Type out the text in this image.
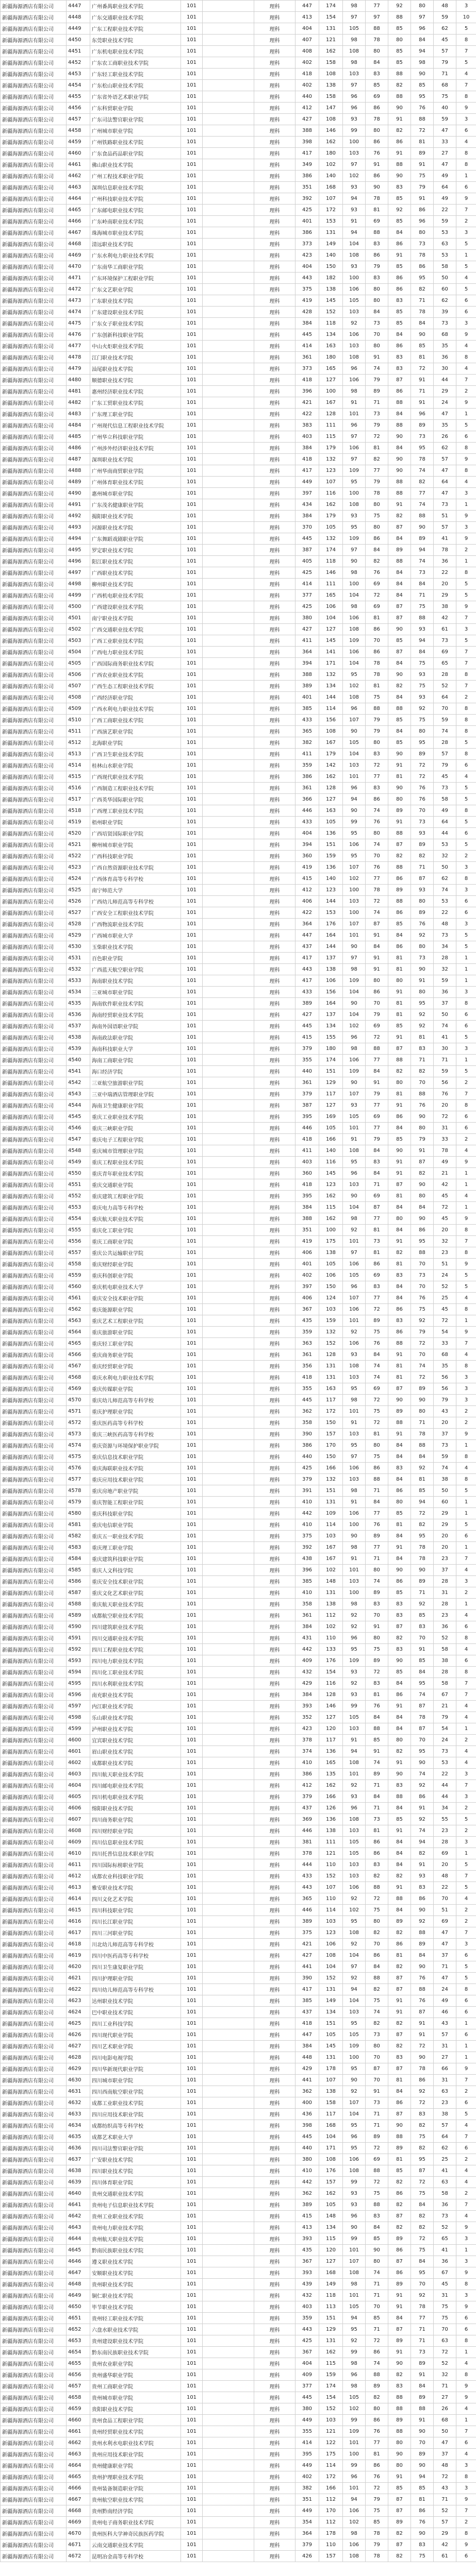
新疆海源酒店有限公司	4447	广州番禺职业技术学院	101		理科	447	174	98	77	92	80	48	3
新疆海源酒店有限公司	4448	广东交通职业技术学院	101		理科	413	154	97	97	88	97	59	10
新疆海源酒店有限公司	4449	广东工程职业技术学院	101		理科	404	131	105	88	85	96	62	5
新疆海源酒店有限公司	4450	东莞职业技术学院	101		理科	407	121	98	78	80	84	45	8
新疆海源酒店有限公司	4451	广东机电职业技术学院	101		理科	408	162	108	80	85	94	57	7
新疆海源酒店有限公司	4452	广东农工商职业技术学院	101		理科	402	158	98	84	85	98	79	5
新疆海源酒店有限公司	4453	广东轻工职业技术学院	101		理科	418	108	103	83	88	90	71	4
新疆海源酒店有限公司	4454	广东松山职业技术学院	101		理科	402	138	97	85	82	85	68	7
新疆海源酒店有限公司	4455	广东省外语艺术职业学院	101		理科	440	158	96	69	88	95	75	8
新疆海源酒店有限公司	4456	广东科贸职业学院	101		理科	412	147	96	86	90	76	40	9
新疆海源酒店有限公司	4457	广东司法警官职业学院	101		理科	427	108	93	78	91	88	59	3
新疆海源酒店有限公司	4458	广州城市职业学院	101		理科	388	146	99	80	82	72	47	6
新疆海源酒店有限公司	4459	广州铁路职业技术学院	101		理科	398	162	100	86	86	81	33	4
新疆海源酒店有限公司	4460	广东食品药品职业学院	101		理科	417	180	103	76	91	89	27	8
新疆海源酒店有限公司	4461	佛山职业技术学院	101		理科	349	102	97	91	88	91	47	8
新疆海源酒店有限公司	4462	广州工程技术职业学院	101		理科	386	140	102	86	90	75	49	1
新疆海源酒店有限公司	4463	深圳信息职业技术学院	101		理科	351	168	93	90	83	79	64	6
新疆海源酒店有限公司	4464	广州科技职业技术学院	101		理科	392	107	94	78	85	91	49	9
新疆海源酒店有限公司	4465	广东邮电职业技术学院	101		理科	425	172	93	81	92	86	22	7
新疆海源酒店有限公司	4466	广东岭南职业技术学院	101		理科	401	153	91	69	85	96	59	2
新疆海源酒店有限公司	4467	珠海城市职业技术学院	101		理科	386	131	94	88	84	80	53	3
新疆海源酒店有限公司	4468	清远职业技术学院	101		理科	373	149	104	83	86	73	63	5
新疆海源酒店有限公司	4469	广东水利电力职业技术学院	101		理科	423	140	108	86	91	78	53	1
新疆海源酒店有限公司	4470	广东南华工商职业学院	101		理科	404	150	93	79	85	86	58	5
新疆海源酒店有限公司	4471	广东环境保护工程职业学院	101		理科	443	182	100	83	86	95	50	4
新疆海源酒店有限公司	4472	广东文艺职业学院	101		理科	375	138	106	80	86	82	60	5
新疆海源酒店有限公司	4473	广东职业技术学院	101		理科	419	145	105	80	83	71	62	6
新疆海源酒店有限公司	4474	广东建设职业技术学院	101		理科	428	152	103	84	85	78	39	6
新疆海源酒店有限公司	4475	广东女子职业技术学院	101		理科	384	118	92	73	85	84	73	3
新疆海源酒店有限公司	4476	广东创新科技职业学院	101		理科	445	134	106	70	84	90	68	9
新疆海源酒店有限公司	4477	中山火炬职业技术学院	101		理科	414	163	103	80	86	85	35	4
新疆海源酒店有限公司	4478	江门职业技术学院	101		理科	361	180	108	91	83	81	36	8
新疆海源酒店有限公司	4479	汕尾职业技术学院	101		理科	373	165	96	74	83	72	30	4
新疆海源酒店有限公司	4480	顺德职业技术学院	101		理科	418	127	106	79	87	91	44	7
新疆海源酒店有限公司	4481	惠州经济职业技术学院	101		理科	396	100	98	89	86	71	29	2
新疆海源酒店有限公司	4482	广东工贸职业技术学院	101		理科	421	167	91	71	88	91	24	9
新疆海源酒店有限公司	4483	广东理工职业学院	101		理科	422	128	101	73	84	96	47	1
新疆海源酒店有限公司	4484	广州现代信息工程职业技术学院	101		理科	383	111	96	79	88	89	35	5
新疆海源酒店有限公司	4485	广州华立科技职业学院	101		理科	403	115	97	72	90	73	26	6
新疆海源酒店有限公司	4486	广州涉外经济职业技术学院	101		理科	384	179	106	81	84	95	62	8
新疆海源酒店有限公司	4487	深圳职业技术学院	101		理科	418	132	97	82	90	78	57	9
新疆海源酒店有限公司	4488	广州华南商贸职业学院	101		理科	417	123	109	77	90	74	47	8
新疆海源酒店有限公司	4489	广州体育职业技术学院	101		理科	449	107	95	79	88	82	64	4
新疆海源酒店有限公司	4490	惠州城市职业学院	101		理科	397	116	100	78	88	77	47	3
新疆海源酒店有限公司	4491	广东茂名健康职业学院	101		理科	434	162	108	80	91	74	73	1
新疆海源酒店有限公司	4492	揭阳职业技术学院	101		理科	384	179	93	75	82	88	51	9
新疆海源酒店有限公司	4493	河源职业技术学院	101		理科	370	105	95	80	87	90	57	3
新疆海源酒店有限公司	4494	广东舞蹈戏剧职业学院	101		理科	445	132	109	86	84	89	41	9
新疆海源酒店有限公司	4495	罗定职业技术学院	101		理科	387	174	97	84	89	94	78	2
新疆海源酒店有限公司	4496	阳江职业技术学院	101		理科	405	118	90	82	88	74	36	1
新疆海源酒店有限公司	4497	广西职业技术学院	101		理科	425	146	98	76	84	73	22	8
新疆海源酒店有限公司	4498	柳州职业技术学院	101		理科	414	111	100	69	84	84	20	5
新疆海源酒店有限公司	4499	广西机电职业技术学院	101		理科	377	165	104	72	84	71	29	5
新疆海源酒店有限公司	4500	广西建设职业技术学院	101		理科	425	106	98	69	87	75	38	9
新疆海源酒店有限公司	4501	南宁职业技术学院	101		理科	380	104	106	81	87	88	42	7
新疆海源酒店有限公司	4502	广西交通职业技术学院	101		理科	427	127	108	86	90	93	61	3
新疆海源酒店有限公司	4503	广西工业职业技术学院	101		理科	411	145	109	70	85	94	73	5
新疆海源酒店有限公司	4504	广西电力职业技术学院	101		理科	364	141	106	86	87	84	69	7
新疆海源酒店有限公司	4505	广西国际商务职业技术学院	101		理科	394	171	104	78	84	75	65	7
新疆海源酒店有限公司	4506	广西农业职业技术学院	101		理科	388	132	95	78	90	93	28	8
新疆海源酒店有限公司	4507	广西生态工程职业技术学院	101		理科	389	134	102	81	82	75	52	7
新疆海源酒店有限公司	4508	广西经济职业学院	101		理科	401	144	108	75	84	93	64	2
新疆海源酒店有限公司	4509	广西水利电力职业技术学院	101		理科	385	114	96	88	88	92	70	8
新疆海源酒店有限公司	4510	广西工商职业技术学院	101		理科	433	156	107	79	85	75	59	8
新疆海源酒店有限公司	4511	广西演艺职业学院	101		理科	365	108	90	79	84	80	74	8
新疆海源酒店有限公司	4512	北海职业学院	101		理科	382	167	105	80	85	95	28	5
新疆海源酒店有限公司	4513	广西卫生职业技术学院	101		理科	411	179	104	83	90	89	57	8
新疆海源酒店有限公司	4514	桂林山水职业学院	101		理科	359	142	103	72	91	72	79	6
新疆海源酒店有限公司	4515	广西现代职业技术学院	101		理科	386	162	101	77	81	72	45	4
新疆海源酒店有限公司	4516	广西制造工程职业技术学院	101		理科	361	128	96	83	90	76	73	5
新疆海源酒店有限公司	4517	广西英华国际职业学院	101		理科	366	127	94	86	80	76	58	5
新疆海源酒店有限公司	4518	广西理工职业技术学院	101		理科	446	163	90	74	89	70	49	8
新疆海源酒店有限公司	4519	梧州职业学院	101		理科	433	105	99	76	91	73	64	5
新疆海源酒店有限公司	4520	广西培贤国际职业学院	101		理科	404	136	95	80	88	93	44	6
新疆海源酒店有限公司	4521	柳州城市职业学院	101		理科	394	151	106	74	87	89	53	5
新疆海源酒店有限公司	4522	广西科技职业学院	101		理科	360	159	95	70	82	82	32	2
新疆海源酒店有限公司	4523	广西自然资源职业技术学院	101		理科	419	136	107	76	88	71	50	3
新疆海源酒店有限公司	4524	广西体育高等专科学校	101		理科	415	140	102	77	86	87	62	8
新疆海源酒店有限公司	4525	南宁师范大学	101		理科	412	123	100	78	89	93	74	3
新疆海源酒店有限公司	4526	广西幼儿师范高等专科学校	101		理科	406	144	103	72	88	80	53	6
新疆海源酒店有限公司	4527	广西安全工程职业技术学院	101		理科	422	153	100	74	86	89	22	6
新疆海源酒店有限公司	4528	广西物流职业技术学院	101		理科	364	176	107	87	85	76	48	3
新疆海源酒店有限公司	4529	广西城市职业大学	101		理科	447	164	101	91	84	92	73	5
新疆海源酒店有限公司	4530	玉柴职业技术学院	101		理科	437	144	90	84	86	80	34	5
新疆海源酒店有限公司	4531	百色职业学院	101		理科	417	137	97	91	81	73	28	1
新疆海源酒店有限公司	4532	广西蓝天航空职业学院	101		理科	443	138	98	91	81	90	32	1
新疆海源酒店有限公司	4533	海南职业技术学院	101		理科	417	106	109	80	80	91	59	1
新疆海源酒店有限公司	4534	三亚城市职业学院	101		理科	433	156	104	86	91	80	36	3
新疆海源酒店有限公司	4535	海南软件职业技术学院	101		理科	389	164	90	70	81	95	37	8
新疆海源酒店有限公司	4536	海南经贸职业技术学院	101		理科	427	137	104	79	81	92	50	6
新疆海源酒店有限公司	4537	海南外国语职业学院	101		理科	445	134	102	69	85	92	74	6
新疆海源酒店有限公司	4538	海南政法职业学院	101		理科	415	155	96	72	91	81	41	5
新疆海源酒店有限公司	4539	海南科技职业大学	101		理科	379	180	98	88	87	83	30	3
新疆海源酒店有限公司	4540	海南工商职业学院	101		理科	355	174	106	77	88	71	71	1
新疆海源酒店有限公司	4541	海口经济学院	101		理科	440	151	109	84	82	82	59	5
新疆海源酒店有限公司	4542	三亚航空旅游职业学院	101		理科	361	129	90	91	80	70	56	2
新疆海源酒店有限公司	4543	三亚中瑞酒店管理职业学院	101		理科	379	117	107	79	81	88	76	7
新疆海源酒店有限公司	4544	海南卫生健康职业学院	101		理科	387	127	93	77	91	76	20	8
新疆海源酒店有限公司	4545	重庆工业职业技术学院	101		理科	395	169	105	69	86	90	72	6
新疆海源酒店有限公司	4546	重庆三峡职业学院	101		理科	446	105	101	77	84	80	31	6
新疆海源酒店有限公司	4547	重庆电子工程职业学院	101		理科	418	166	91	79	85	79	33	2
新疆海源酒店有限公司	4548	重庆城市管理职业学院	101		理科	411	140	108	84	90	91	78	4
新疆海源酒店有限公司	4549	重庆工程职业技术学院	101		理科	403	116	95	83	91	87	49	9
新疆海源酒店有限公司	4550	重庆青年职业技术学院	101		理科	360	145	96	84	91	82	21	1
新疆海源酒店有限公司	4551	重庆交通职业学院	101		理科	418	123	103	71	87	90	42	1
新疆海源酒店有限公司	4552	重庆建筑工程职业学院	101		理科	395	162	90	69	81	80	45	4
新疆海源酒店有限公司	4553	重庆电力高等专科学校	101		理科	384	115	104	87	84	84	72	1
新疆海源酒店有限公司	4554	重庆航天职业技术学院	101		理科	388	162	98	77	80	90	45	9
新疆海源酒店有限公司	4555	重庆化工职业学院	101		理科	351	100	92	81	84	86	20	8
新疆海源酒店有限公司	4556	重庆工商职业学院	101		理科	419	175	101	73	91	95	32	7
新疆海源酒店有限公司	4557	重庆公共运输职业学院	101		理科	406	138	97	81	82	88	23	8
新疆海源酒店有限公司	4558	重庆财经职业学院	101		理科	401	105	106	86	81	70	51	9
新疆海源酒店有限公司	4559	重庆科创职业学院	101		理科	402	106	105	69	83	73	24	5
新疆海源酒店有限公司	4560	重庆机电职业技术大学	101		理科	397	150	96	83	84	70	52	5
新疆海源酒店有限公司	4561	重庆安全技术职业学院	101		理科	406	124	107	77	84	76	25	4
新疆海源酒店有限公司	4562	重庆能源职业学院	101		理科	367	103	106	72	86	75	45	8
新疆海源酒店有限公司	4563	重庆艺术工程职业学院	101		理科	435	159	101	89	83	92	72	1
新疆海源酒店有限公司	4564	重庆旅游职业学院	101		理科	359	132	92	75	86	79	54	9
新疆海源酒店有限公司	4565	重庆轻工职业学院	101		理科	363	152	106	76	88	72	33	7
新疆海源酒店有限公司	4566	重庆商务职业学院	101		理科	361	128	93	84	91	70	68	4
新疆海源酒店有限公司	4567	重庆经贸职业学院	101		理科	356	131	108	74	81	74	35	8
新疆海源酒店有限公司	4568	重庆水利电力职业技术学院	101		理科	418	131	103	74	81	72	56	3
新疆海源酒店有限公司	4569	重庆传媒职业学院	101		理科	355	163	95	69	87	89	56	3
新疆海源酒店有限公司	4570	重庆幼儿师范高等专科学校	101		理科	445	117	98	72	90	90	79	3
新疆海源酒店有限公司	4571	重庆护理职业学院	101		理科	362	172	101	75	89	80	43	2
新疆海源酒店有限公司	4572	重庆医药高等专科学校	101		理科	358	150	91	72	88	71	20	2
新疆海源酒店有限公司	4573	重庆三峡医药高等专科学校	101		理科	390	157	103	81	91	78	37	9
新疆海源酒店有限公司	4574	重庆资源与环境保护职业学院	101		理科	386	170	95	80	84	88	73	1
新疆海源酒店有限公司	4575	重庆信息技术职业学院	101		理科	440	150	97	75	84	84	59	8
新疆海源酒店有限公司	4576	重庆海联职业技术学院	101		理科	425	166	106	86	83	92	74	4
新疆海源酒店有限公司	4577	重庆应用技术职业学院	101		理科	379	132	103	88	84	81	38	8
新疆海源酒店有限公司	4578	重庆房地产职业学院	101		理科	391	151	98	71	86	85	50	5
新疆海源酒店有限公司	4579	重庆智能工程职业学院	101		理科	410	131	91	84	80	94	60	1
新疆海源酒店有限公司	4580	重庆科技职业学院	101		理科	442	109	106	77	85	72	29	1
新疆海源酒店有限公司	4581	重庆电信职业学院	101		理科	410	114	100	76	81	82	29	5
新疆海源酒店有限公司	4582	重庆五一职业技术学院	101		理科	375	103	90	89	84	95	20	6
新疆海源酒店有限公司	4583	重庆理工职业学院	101		理科	392	167	98	77	91	78	20	1
新疆海源酒店有限公司	4584	重庆建筑科技职业学院	101		理科	438	167	91	71	84	78	23	7
新疆海源酒店有限公司	4585	重庆人文科技学院	101		理科	396	102	101	80	90	90	37	4
新疆海源酒店有限公司	4586	重庆安全技术职业学院	101		理科	385	148	103	74	86	89	28	3
新疆海源酒店有限公司	4587	重庆文化艺术职业学院	101		理科	410	131	100	89	85	71	31	2
新疆海源酒店有限公司	4588	重庆航天职业技术学院	101		理科	358	138	98	83	83	92	28	1
新疆海源酒店有限公司	4589	成都航空职业技术学院	101		理科	361	112	92	70	83	85	23	4
新疆海源酒店有限公司	4590	四川建筑职业技术学院	101		理科	384	102	92	91	87	83	36	6
新疆海源酒店有限公司	4591	四川交通职业技术学院	101		理科	431	110	96	80	82	70	52	8
新疆海源酒店有限公司	4592	四川工程职业技术学院	101		理科	442	133	95	75	83	91	58	4
新疆海源酒店有限公司	4593	四川电力职业技术学院	101		理科	409	176	109	89	90	85	38	6
新疆海源酒店有限公司	4594	四川化工职业技术学院	101		理科	432	154	93	72	85	84	28	8
新疆海源酒店有限公司	4595	四川水利职业技术学院	101		理科	429	116	92	83	84	95	58	7
新疆海源酒店有限公司	4596	南充职业技术学院	101		理科	384	128	93	81	86	74	67	7
新疆海源酒店有限公司	4597	内江职业技术学院	101		理科	393	146	99	76	91	87	21	4
新疆海源酒店有限公司	4598	乐山职业技术学院	101		理科	352	127	105	84	84	78	79	4
新疆海源酒店有限公司	4599	泸州职业技术学院	101		理科	423	120	103	88	84	87	54	1
新疆海源酒店有限公司	4600	宜宾职业技术学院	101		理科	378	117	91	85	80	70	24	2
新疆海源酒店有限公司	4601	眉山职业技术学院	101		理科	374	136	94	91	82	95	73	4
新疆海源酒店有限公司	4602	成都职业技术学院	101		理科	410	165	108	74	91	90	53	4
新疆海源酒店有限公司	4603	四川航天职业技术学院	101		理科	386	135	101	89	90	74	22	3
新疆海源酒店有限公司	4604	四川邮电职业技术学院	101		理科	412	162	92	71	83	92	44	7
新疆海源酒店有限公司	4605	四川机电职业技术学院	101		理科	379	166	93	84	88	86	44	3
新疆海源酒店有限公司	4606	绵阳职业技术学院	101		理科	437	126	96	71	84	91	34	2
新疆海源酒店有限公司	4607	四川商务职业学院	101		理科	369	136	108	73	85	92	55	5
新疆海源酒店有限公司	4608	四川财经职业学院	101		理科	446	138	103	81	91	74	23	2
新疆海源酒店有限公司	4609	四川信息职业技术学院	101		理科	381	111	105	86	84	94	28	3
新疆海源酒店有限公司	4610	四川托普信息技术职业学院	101		理科	378	121	105	86	84	82	69	1
新疆海源酒店有限公司	4611	四川国际标榜职业学院	101		理科	444	110	103	83	84	91	20	5
新疆海源酒店有限公司	4612	成都农业科技职业学院	101		理科	433	152	103	82	82	93	48	7
新疆海源酒店有限公司	4613	雅安职业技术学院	101		理科	443	107	106	88	91	83	22	5
新疆海源酒店有限公司	4614	四川文化艺术学院	101		理科	365	110	92	72	88	86	70	4
新疆海源酒店有限公司	4615	四川科技职业学院	101		理科	446	114	102	75	84	90	51	2
新疆海源酒店有限公司	4616	四川长江职业学院	101		理科	389	103	95	80	89	92	69	2
新疆海源酒店有限公司	4617	四川三河职业学院	101		理科	375	123	108	82	82	88	47	7
新疆海源酒店有限公司	4618	川北幼儿师范高等专科学校	101		理科	421	106	92	70	86	89	47	3
新疆海源酒店有限公司	4619	四川中医药高等专科学校	101		理科	427	108	104	86	81	84	37	6
新疆海源酒店有限公司	4620	四川卫生康复职业学院	101		理科	441	104	97	84	82	90	71	5
新疆海源酒店有限公司	4621	四川护理职业学院	101		理科	390	152	92	88	87	76	47	5
新疆海源酒店有限公司	4622	四川幼儿师范高等专科学校	101		理科	417	131	94	82	87	88	24	8
新疆海源酒店有限公司	4623	达州职业技术学院	101		理科	385	149	104	75	91	76	49	6
新疆海源酒店有限公司	4624	巴中职业技术学院	101		理科	437	134	103	74	91	87	46	6
新疆海源酒店有限公司	4625	四川工业科技学院	101		理科	418	151	95	82	82	91	43	1
新疆海源酒店有限公司	4626	四川现代职业学院	101		理科	447	105	105	73	87	91	57	6
新疆海源酒店有限公司	4627	四川艺术职业学院	101		理科	384	145	109	80	82	72	31	1
新疆海源酒店有限公司	4628	四川电影电视学院	101		理科	448	131	100	70	83	90	27	1
新疆海源酒店有限公司	4629	四川华新现代职业学院	101		理科	429	178	95	87	87	78	66	9
新疆海源酒店有限公司	4630	四川城市职业学院	101		理科	441	107	90	70	81	86	31	7
新疆海源酒店有限公司	4631	四川西南航空职业学院	101		理科	362	138	92	91	84	92	63	2
新疆海源酒店有限公司	4632	成都工业职业技术学院	101		理科	400	158	107	73	86	72	23	6
新疆海源酒店有限公司	4633	四川应用技术职业学院	101		理科	436	117	104	71	87	83	38	5
新疆海源酒店有限公司	4634	成都纺织高等专科学校	101		理科	398	168	95	71	90	82	57	4
新疆海源酒店有限公司	4635	成都艺术职业大学	101		理科	445	104	96	89	88	75	64	7
新疆海源酒店有限公司	4636	四川司法警官职业学院	101		理科	440	171	95	72	89	82	62	6
新疆海源酒店有限公司	4637	广安职业技术学院	101		理科	380	108	106	69	81	95	25	2
新疆海源酒店有限公司	4638	四川职业技术学院	101		理科	410	176	108	88	85	87	41	4
新疆海源酒店有限公司	4639	四川体育职业学院	101		理科	442	157	99	72	82	72	63	4
新疆海源酒店有限公司	4640	贵州交通职业技术学院	101		理科	362	162	93	75	86	75	58	2
新疆海源酒店有限公司	4641	贵州电子信息职业技术学院	101		理科	389	105	93	88	82	84	36	7
新疆海源酒店有限公司	4642	贵州工业职业技术学院	101		理科	415	148	96	83	87	82	73	4
新疆海源酒店有限公司	4643	贵州电力职业技术学院	101		理科	413	134	90	84	82	82	52	9
新疆海源酒店有限公司	4644	贵州航天职业技术学院	101		理科	393	115	99	85	89	72	65	3
新疆海源酒店有限公司	4645	黔南民族职业技术学院	101		理科	435	120	101	90	86	75	41	1
新疆海源酒店有限公司	4646	遵义职业技术学院	101		理科	367	127	107	80	87	84	36	3
新疆海源酒店有限公司	4647	安顺职业技术学院	101		理科	393	168	108	74	86	95	67	9
新疆海源酒店有限公司	4648	贵州职业技术学院	101		理科	439	149	98	71	89	70	45	8
新疆海源酒店有限公司	4649	铜仁职业技术学院	101		理科	432	118	101	71	91	92	31	3
新疆海源酒店有限公司	4650	毕节职业技术学院	101		理科	403	113	105	70	91	78	75	9
新疆海源酒店有限公司	4651	贵州轻工职业技术学院	101		理科	359	151	94	85	84	77	75	6
新疆海源酒店有限公司	4652	六盘水职业技术学院	101		理科	443	129	95	71	87	71	70	6
新疆海源酒店有限公司	4653	贵州建设职业技术学院	101		理科	425	131	92	72	89	71	63	8
新疆海源酒店有限公司	4654	黔东南民族职业技术学院	101		理科	367	162	99	86	91	73	72	1
新疆海源酒店有限公司	4655	贵州农业职业学院	101		理科	404	115	98	74	90	89	52	4
新疆海源酒店有限公司	4656	贵州盛华职业学院	101		理科	409	159	96	88	82	91	32	8
新疆海源酒店有限公司	4657	贵州工商职业学院	101		理科	377	174	98	89	83	84	71	9
新疆海源酒店有限公司	4658	贵州城市职业学院	101		理科	445	154	105	82	88	89	27	9
新疆海源酒店有限公司	4659	贵阳职业技术学院	101		理科	380	152	102	80	88	88	26	4
新疆海源酒店有限公司	4660	贵州食品工程职业学院	101		理科	449	103	99	86	89	91	68	1
新疆海源酒店有限公司	4661	贵州经贸职业技术学院	101		理科	355	121	109	76	88	90	50	7
新疆海源酒店有限公司	4662	贵州水利水电职业技术学院	101		理科	414	122	101	77	80	70	47	6
新疆海源酒店有限公司	4663	贵州应用技术职业学院	101		理科	395	175	100	81	90	89	37	4
新疆海源酒店有限公司	4664	贵州健康职业学院	101		理科	449	114	99	86	80	90	48	3
新疆海源酒店有限公司	4665	贵州护理职业技术学院	101		理科	402	172	96	76	91	94	72	8
新疆海源酒店有限公司	4666	贵州装备制造职业学院	101		理科	382	166	101	72	85	85	43	3
新疆海源酒店有限公司	4667	贵州航空职业技术学院	101		理科	351	112	94	79	87	81	71	9
新疆海源酒店有限公司	4668	贵州黔南经济学院	101		理科	449	170	106	75	87	86	52	7
新疆海源酒店有限公司	4669	贵州电子商务职业技术学院	101		理科	354	112	102	85	89	76	57	2
新疆海源酒店有限公司	4670	贵州医科大学神奇民族医药学院	101		理科	364	178	98	78	82	90	29	8
新疆海源酒店有限公司	4671	云南交通职业技术学院	101		理科	379	110	106	79	87	83	42	9
新疆海源酒店有限公司	4672	昆明冶金高等专科学校	101		理科	426	157	108	78	82	75	61	6
